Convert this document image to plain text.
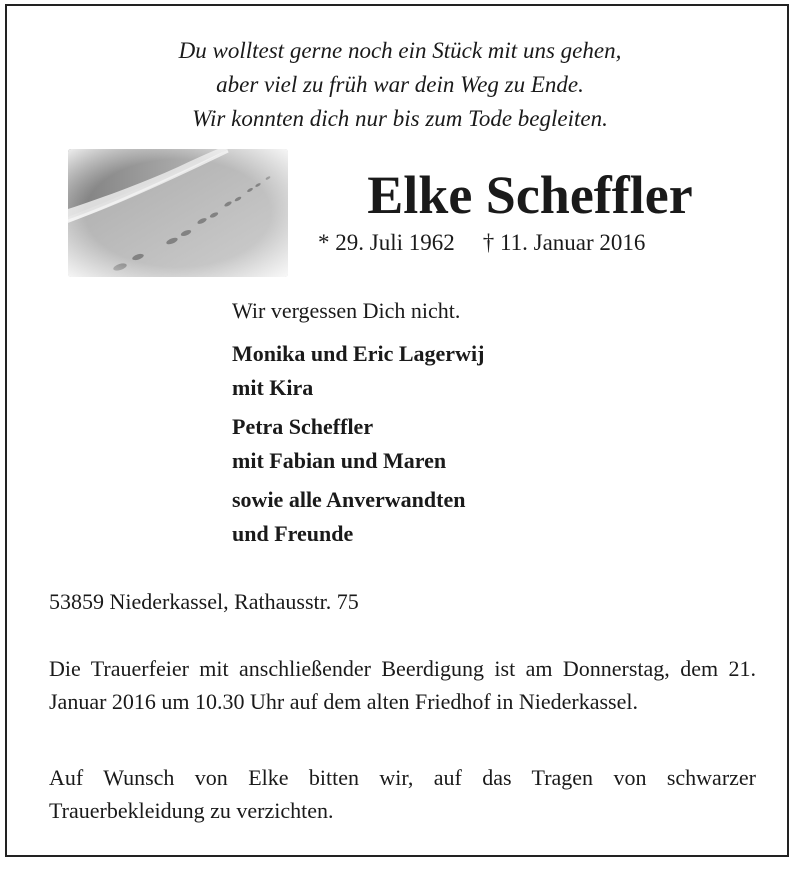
Du wolltest gerne noch ein Stück mit uns gehen,
aber viel zu früh war dein Weg zu Ende.
Wir konnten dich nur bis zum Tode begleiten.
Elke Scheffler
* 29. Juli 1962 † 11. Januar 2016
Wir vergessen Dich nicht.
Monika und Eric Lagerwij
mit Kira
Petra Scheffler
mit Fabian und Maren
sowie alle Anverwandten
und Freunde
53859 Niederkassel, Rathausstr. 75
Die Trauerfeier mit anschließender Beerdigung ist am Donnerstag, dem 21. Januar 2016 um 10.30 Uhr auf dem alten Friedhof in Niederkassel.
Auf Wunsch von Elke bitten wir, auf das Tragen von schwarzer Trauerbekleidung zu verzichten.
